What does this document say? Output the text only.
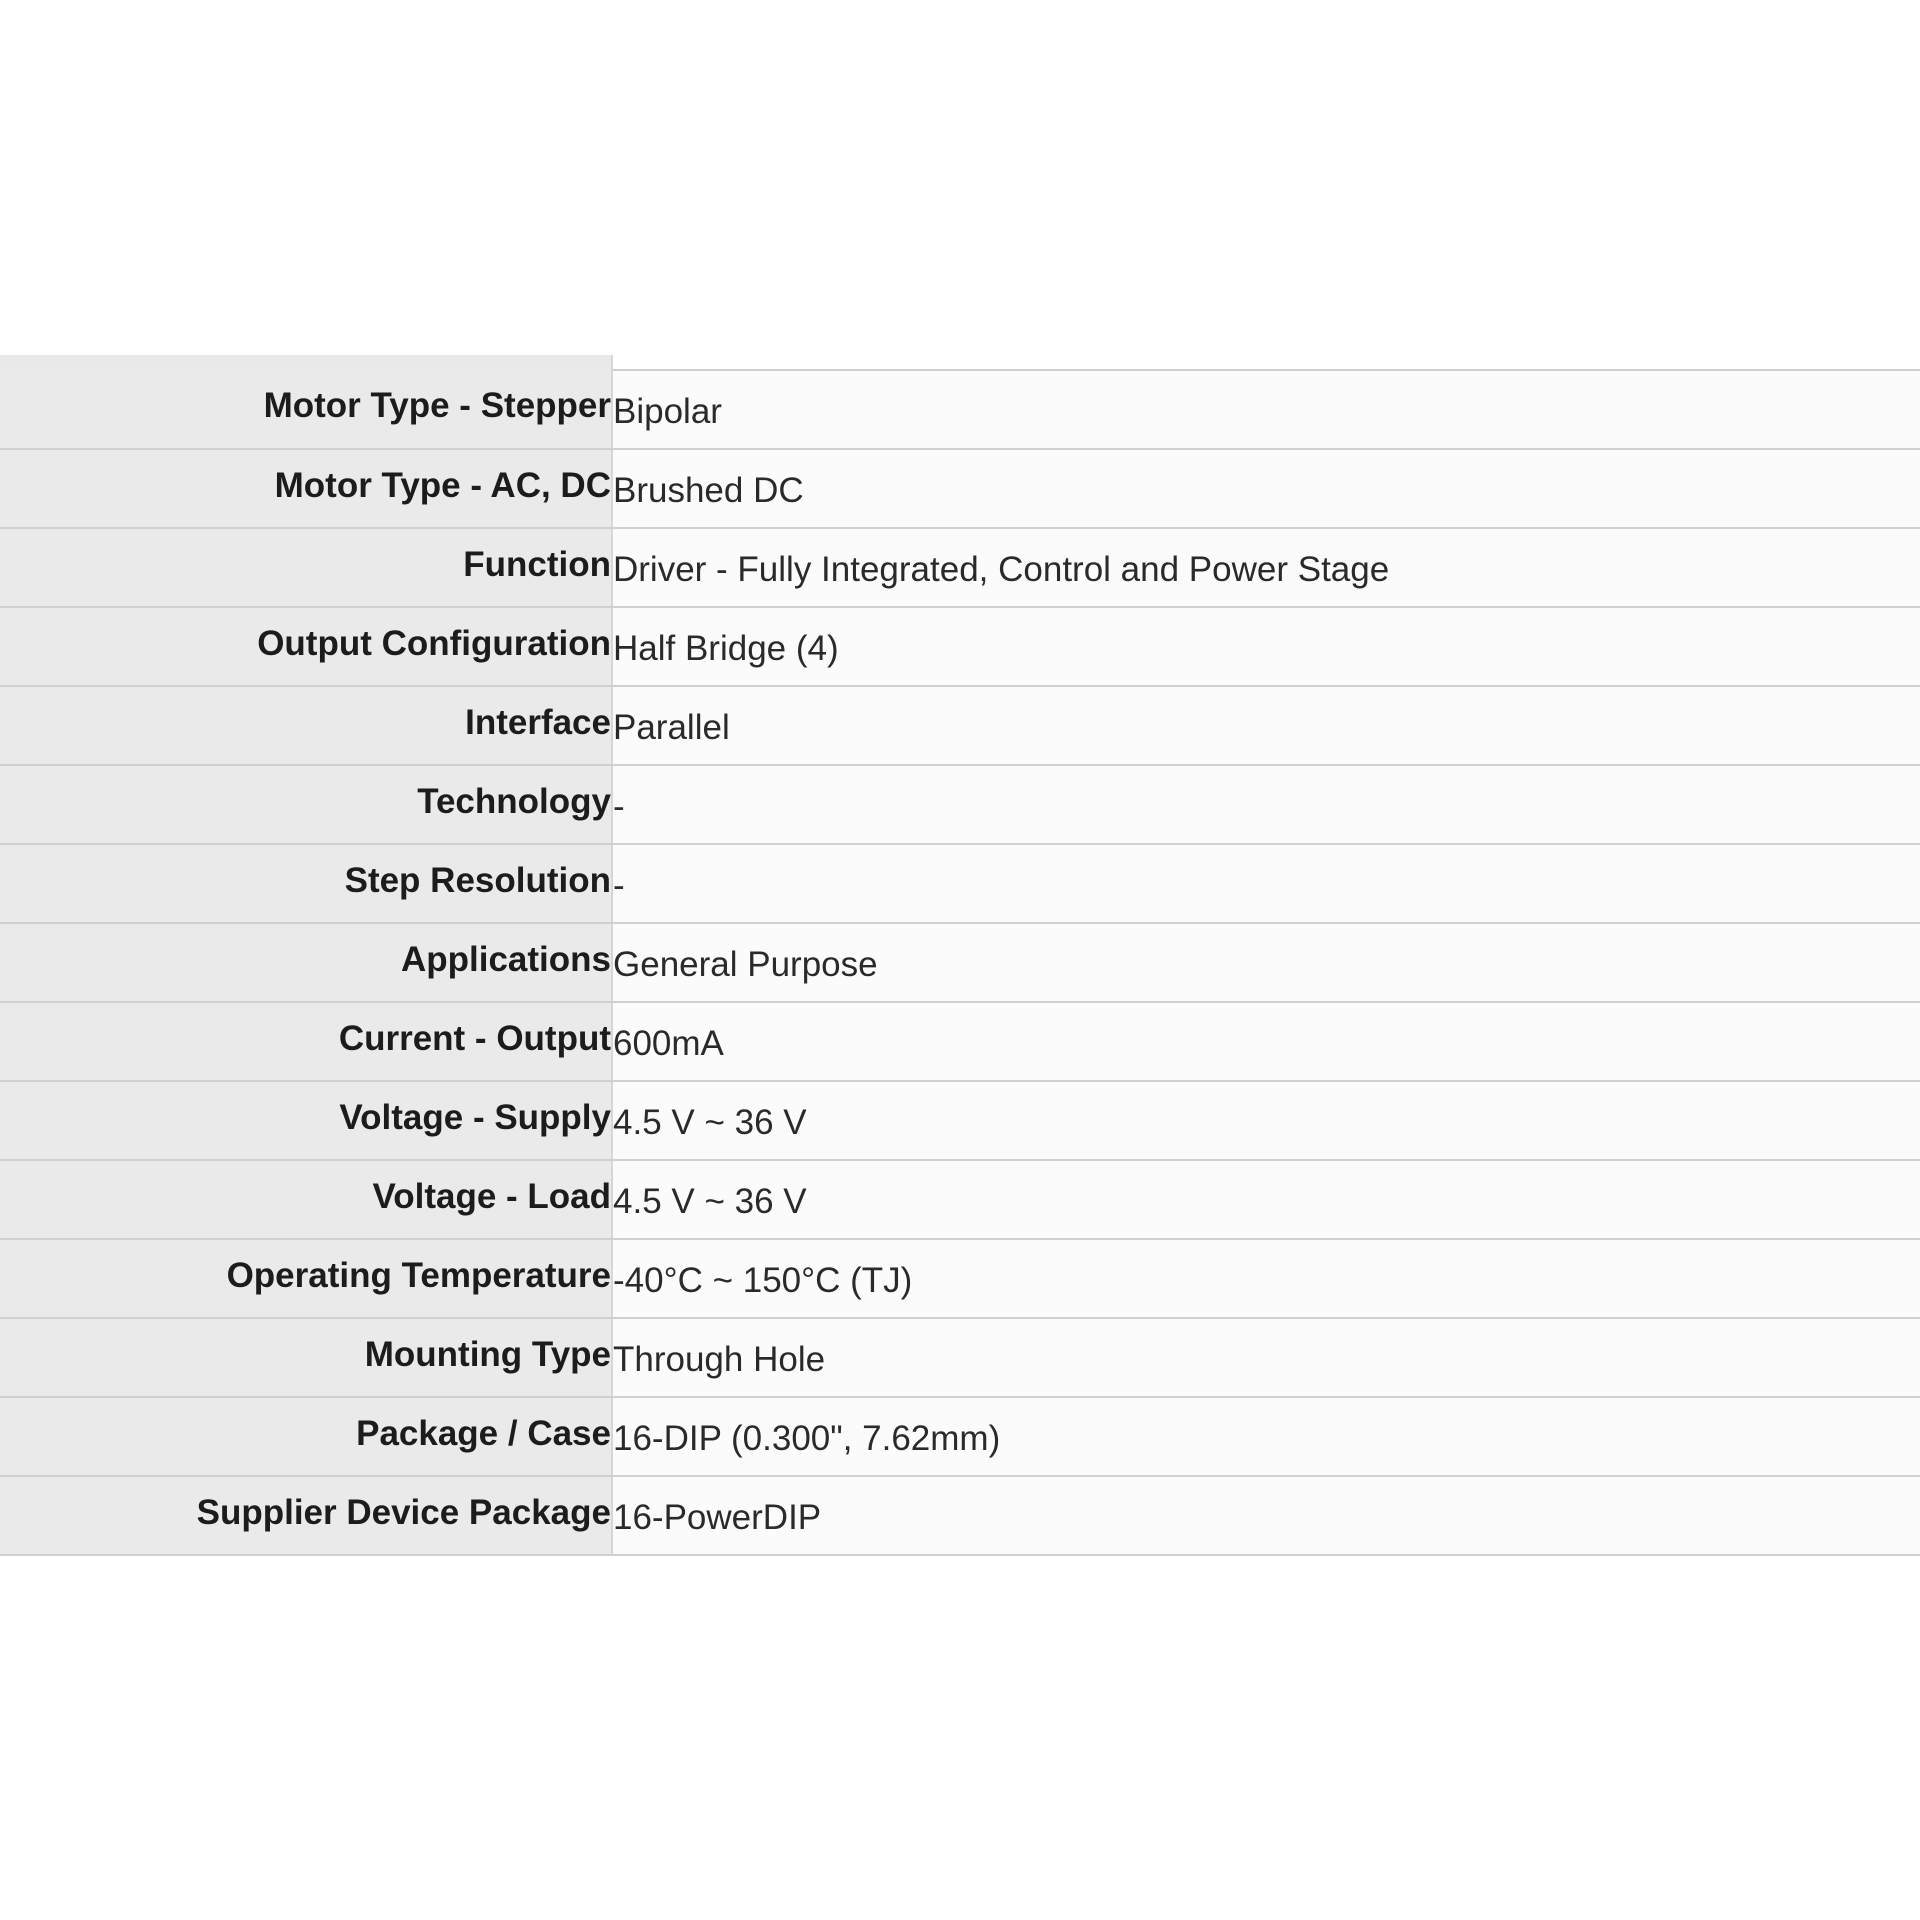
Motor Type - Stepper	Bipolar
Motor Type - AC, DC	Brushed DC
Function	Driver - Fully Integrated, Control and Power Stage
Output Configuration	Half Bridge (4)
Interface	Parallel
Technology	-
Step Resolution	-
Applications	General Purpose
Current - Output	600mA
Voltage - Supply	4.5 V ~ 36 V
Voltage - Load	4.5 V ~ 36 V
Operating Temperature	-40°C ~ 150°C (TJ)
Mounting Type	Through Hole
Package / Case	16-DIP (0.300", 7.62mm)
Supplier Device Package	16-PowerDIP
